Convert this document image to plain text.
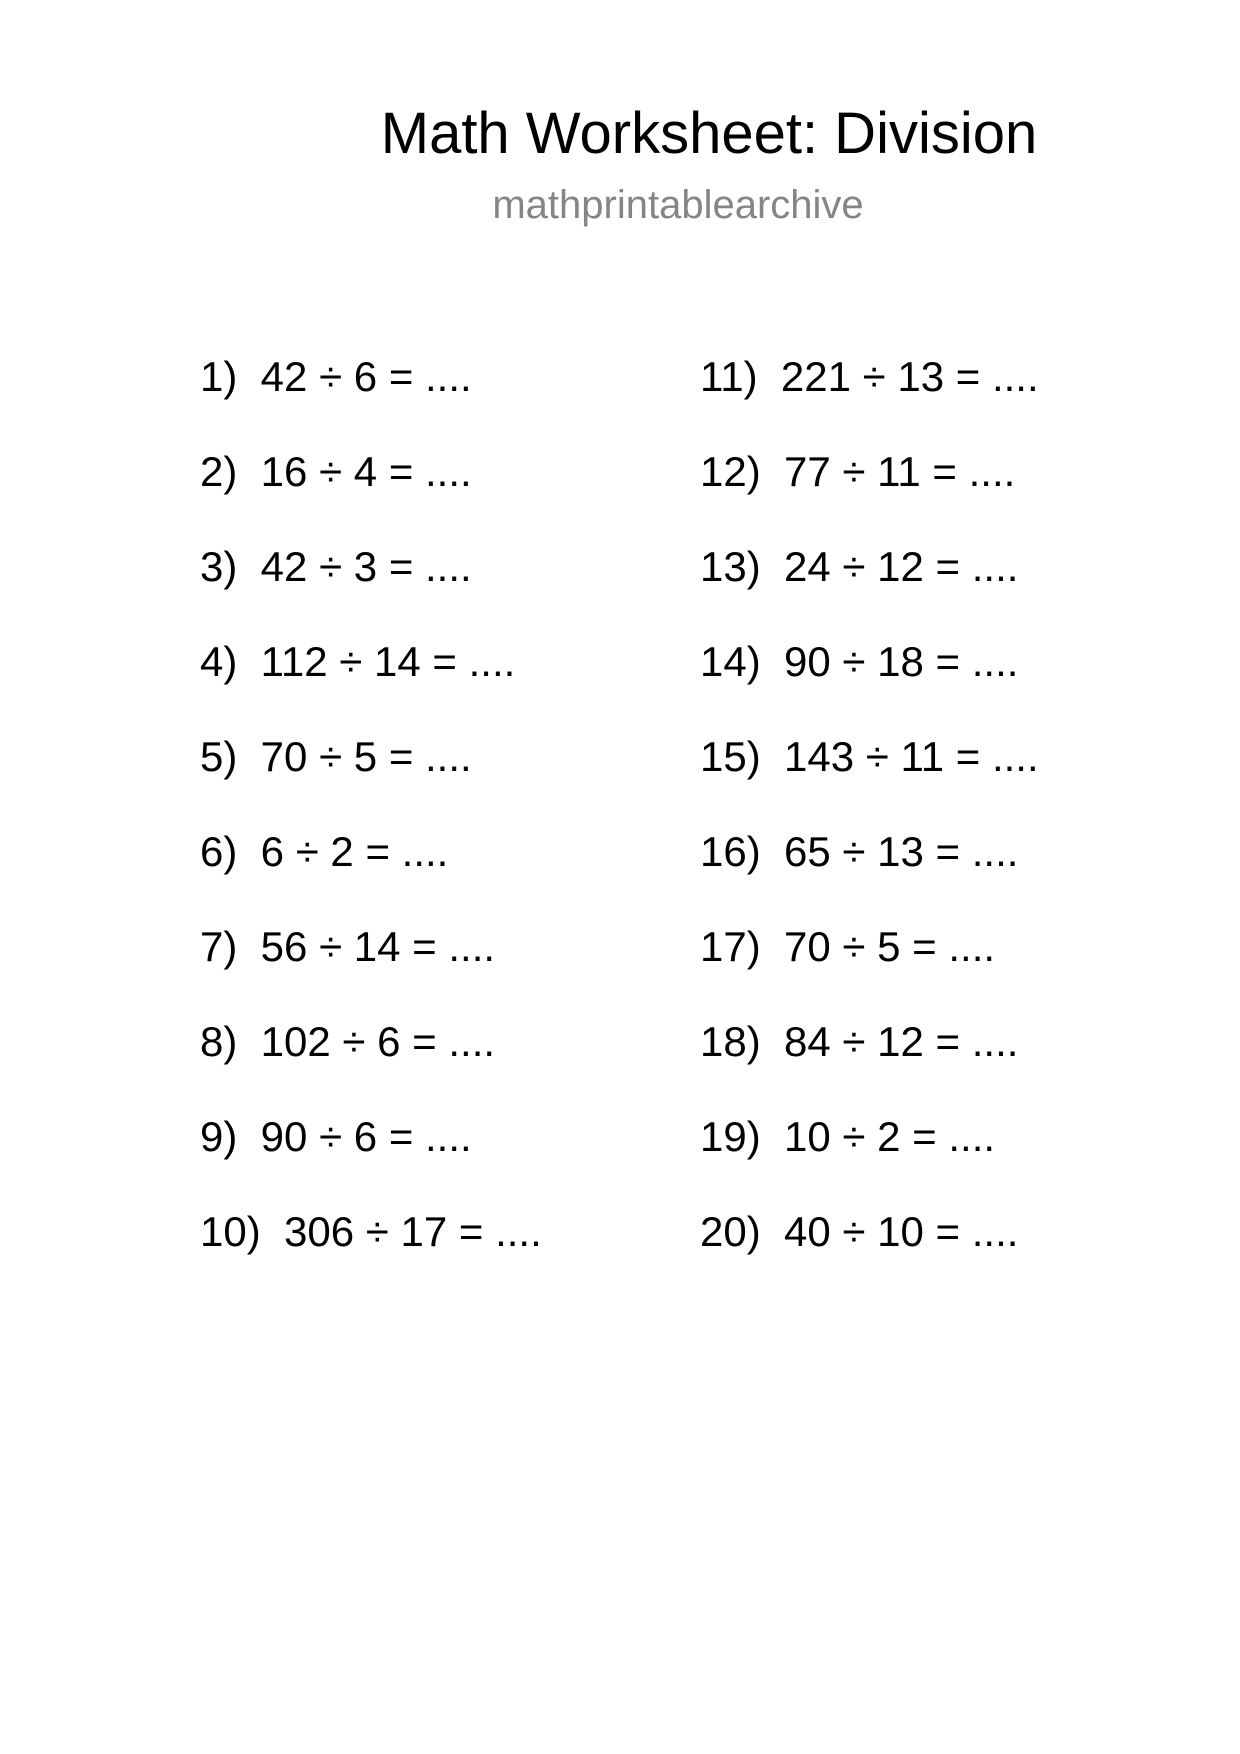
Math Worksheet: Division
mathprintablearchive
1)  42 ÷ 6 = ....
2)  16 ÷ 4 = ....
3)  42 ÷ 3 = ....
4)  112 ÷ 14 = ....
5)  70 ÷ 5 = ....
6)  6 ÷ 2 = ....
7)  56 ÷ 14 = ....
8)  102 ÷ 6 = ....
9)  90 ÷ 6 = ....
10)  306 ÷ 17 = ....
11)  221 ÷ 13 = ....
12)  77 ÷ 11 = ....
13)  24 ÷ 12 = ....
14)  90 ÷ 18 = ....
15)  143 ÷ 11 = ....
16)  65 ÷ 13 = ....
17)  70 ÷ 5 = ....
18)  84 ÷ 12 = ....
19)  10 ÷ 2 = ....
20)  40 ÷ 10 = ....
